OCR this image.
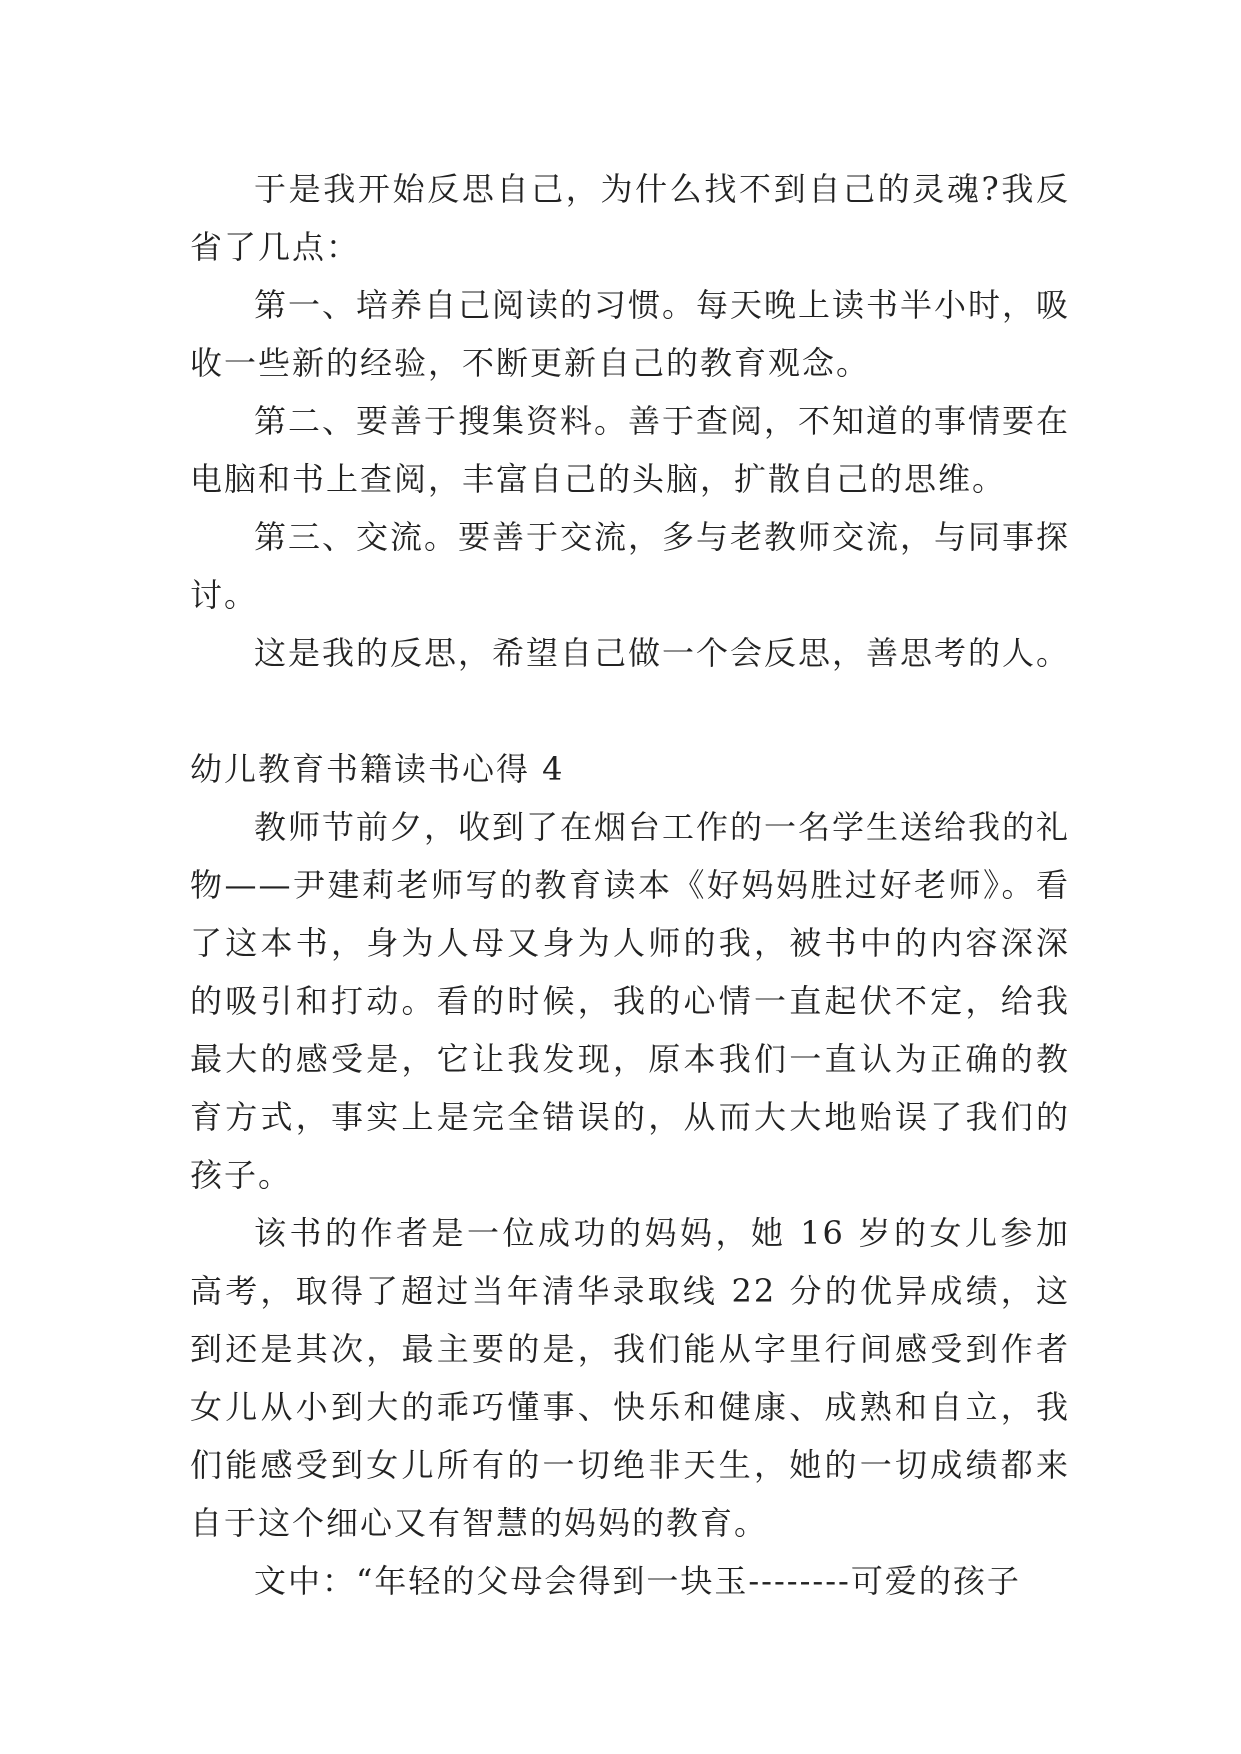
于是我开始反思自己，为什么找不到自己的灵魂?我反省了几点：

第一、培养自己阅读的习惯。每天晚上读书半小时，吸收一些新的经验，不断更新自己的教育观念。

第二、要善于搜集资料。善于查阅，不知道的事情要在电脑和书上查阅，丰富自己的头脑，扩散自己的思维。

第三、交流。要善于交流，多与老教师交流，与同事探讨。

这是我的反思，希望自己做一个会反思，善思考的人。

幼儿教育书籍读书心得 4

教师节前夕，收到了在烟台工作的一名学生送给我的礼物——尹建莉老师写的教育读本《好妈妈胜过好老师》。看了这本书，身为人母又身为人师的我，被书中的内容深深的吸引和打动。看的时候，我的心情一直起伏不定，给我最大的感受是，它让我发现，原本我们一直认为正确的教育方式，事实上是完全错误的，从而大大地贻误了我们的孩子。

该书的作者是一位成功的妈妈，她 16 岁的女儿参加高考，取得了超过当年清华录取线 22 分的优异成绩，这到还是其次，最主要的是，我们能从字里行间感受到作者女儿从小到大的乖巧懂事、快乐和健康、成熟和自立，我们能感受到女儿所有的一切绝非天生，她的一切成绩都来自于这个细心又有智慧的妈妈的教育。

文中：“年轻的父母会得到一块玉--------可爱的孩子
